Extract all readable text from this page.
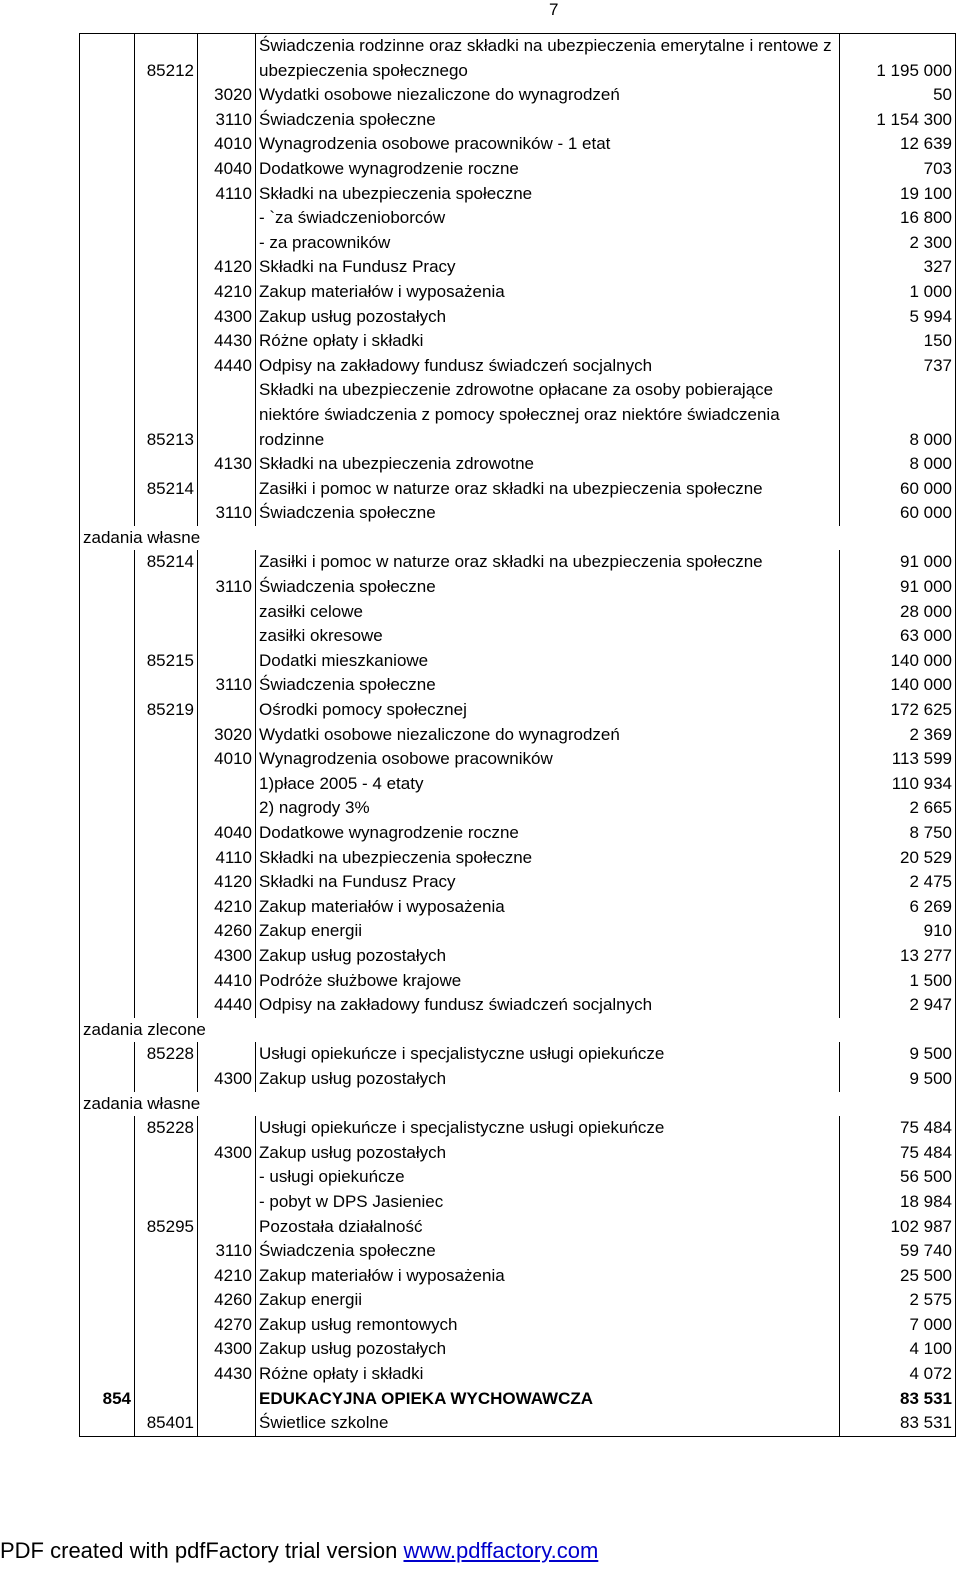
7
	85212		Świadczenia rodzinne oraz składki na ubezpieczenia emerytalne i rentowe z ubezpieczenia społecznego	1 195 000
		3020	Wydatki osobowe niezaliczone do wynagrodzeń	50
		3110	Świadczenia społeczne	1 154 300
		4010	Wynagrodzenia osobowe pracowników - 1 etat	12 639
		4040	Dodatkowe wynagrodzenie roczne	703
		4110	Składki na ubezpieczenia społeczne	19 100
			- `za świadczenioborców	16 800
			- za pracowników	2 300
		4120	Składki na Fundusz Pracy	327
		4210	Zakup materiałów i wyposażenia	1 000
		4300	Zakup usług pozostałych	5 994
		4430	Różne opłaty i składki	150
		4440	Odpisy na zakładowy fundusz świadczeń socjalnych	737
	85213		Składki na ubezpieczenie zdrowotne opłacane za osoby pobierające niektóre świadczenia z pomocy społecznej oraz niektóre świadczenia rodzinne	8 000
		4130	Składki na ubezpieczenia zdrowotne	8 000
	85214		Zasiłki i pomoc w naturze oraz składki na ubezpieczenia społeczne	60 000
		3110	Świadczenia społeczne	60 000
zadania własne				
	85214		Zasiłki i pomoc w naturze oraz składki na ubezpieczenia społeczne	91 000
		3110	Świadczenia społeczne	91 000
			zasiłki celowe	28 000
			zasiłki okresowe	63 000
	85215		Dodatki mieszkaniowe	140 000
		3110	Świadczenia społeczne	140 000
	85219		Ośrodki pomocy społecznej	172 625
		3020	Wydatki osobowe niezaliczone do wynagrodzeń	2 369
		4010	Wynagrodzenia osobowe pracowników	113 599
			1)płace 2005 - 4 etaty	110 934
			2) nagrody 3%	2 665
		4040	Dodatkowe wynagrodzenie roczne	8 750
		4110	Składki na ubezpieczenia społeczne	20 529
		4120	Składki na Fundusz Pracy	2 475
		4210	Zakup materiałów i wyposażenia	6 269
		4260	Zakup energii	910
		4300	Zakup usług pozostałych	13 277
		4410	Podróże służbowe krajowe	1 500
		4440	Odpisy na zakładowy fundusz świadczeń socjalnych	2 947
zadania zlecone				
	85228		Usługi opiekuńcze i specjalistyczne usługi opiekuńcze	9 500
		4300	Zakup usług pozostałych	9 500
zadania własne				
	85228		Usługi opiekuńcze i specjalistyczne usługi opiekuńcze	75 484
		4300	Zakup usług pozostałych	75 484
			- usługi opiekuńcze	56 500
			- pobyt w DPS Jasieniec	18 984
	85295		Pozostała działalność	102 987
		3110	Świadczenia społeczne	59 740
		4210	Zakup materiałów i wyposażenia	25 500
		4260	Zakup energii	2 575
		4270	Zakup usług remontowych	7 000
		4300	Zakup usług pozostałych	4 100
		4430	Różne opłaty i składki	4 072
854			EDUKACYJNA OPIEKA WYCHOWAWCZA	83 531
	85401		Świetlice szkolne	83 531
PDF created with pdfFactory trial version www.pdffactory.com
